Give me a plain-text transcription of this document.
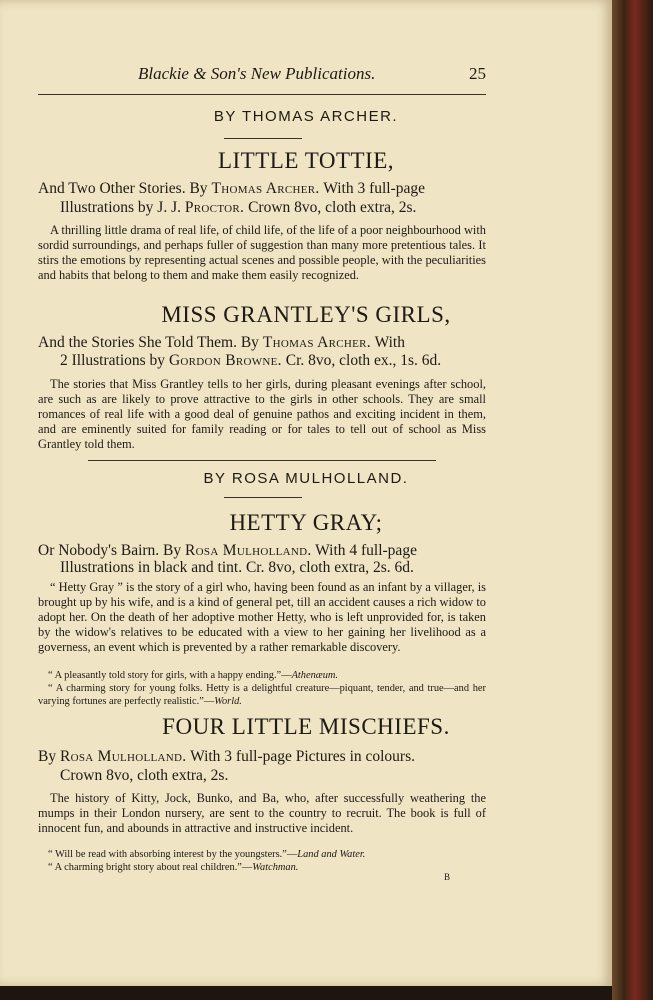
Blackie & Son's New Publications.	25
BY THOMAS ARCHER.
LITTLE TOTTIE,
And Two Other Stories. By Thomas Archer. With 3 full-page
Illustrations by J. J. Proctor. Crown 8vo, cloth extra, 2s.
A thrilling little drama of real life, of child life, of the life of a poor neighbourhood with sordid surroundings, and perhaps fuller of suggestion than many more pretentious tales. It stirs the emotions by representing actual scenes and possible people, with the peculiarities and habits that belong to them and make them easily recognized.
MISS GRANTLEY'S GIRLS,
And the Stories She Told Them. By Thomas Archer. With
2 Illustrations by Gordon Browne. Cr. 8vo, cloth ex., 1s. 6d.
The stories that Miss Grantley tells to her girls, during pleasant evenings after school, are such as are likely to prove attractive to the girls in other schools. They are small romances of real life with a good deal of genuine pathos and exciting incident in them, and are eminently suited for family reading or for tales to tell out of school as Miss Grantley told them.
BY ROSA MULHOLLAND.
HETTY GRAY;
Or Nobody's Bairn. By Rosa Mulholland. With 4 full-page
Illustrations in black and tint. Cr. 8vo, cloth extra, 2s. 6d.
“ Hetty Gray ” is the story of a girl who, having been found as an infant by a villager, is brought up by his wife, and is a kind of general pet, till an accident causes a rich widow to adopt her. On the death of her adoptive mother Hetty, who is left unprovided for, is taken by the widow's relatives to be educated with a view to her gaining her livelihood as a governess, an event which is prevented by a rather remarkable discovery.
“ A pleasantly told story for girls, with a happy ending.”—Athenæum.
“ A charming story for young folks. Hetty is a delightful creature—piquant, tender, and true—and her varying fortunes are perfectly realistic.”—World.
FOUR LITTLE MISCHIEFS.
By Rosa Mulholland. With 3 full-page Pictures in colours.
Crown 8vo, cloth extra, 2s.
The history of Kitty, Jock, Bunko, and Ba, who, after successfully weathering the mumps in their London nursery, are sent to the country to recruit. The book is full of innocent fun, and abounds in attractive and instructive incident.
“ Will be read with absorbing interest by the youngsters.”—Land and Water.
“ A charming bright story about real children.”—Watchman.
B
